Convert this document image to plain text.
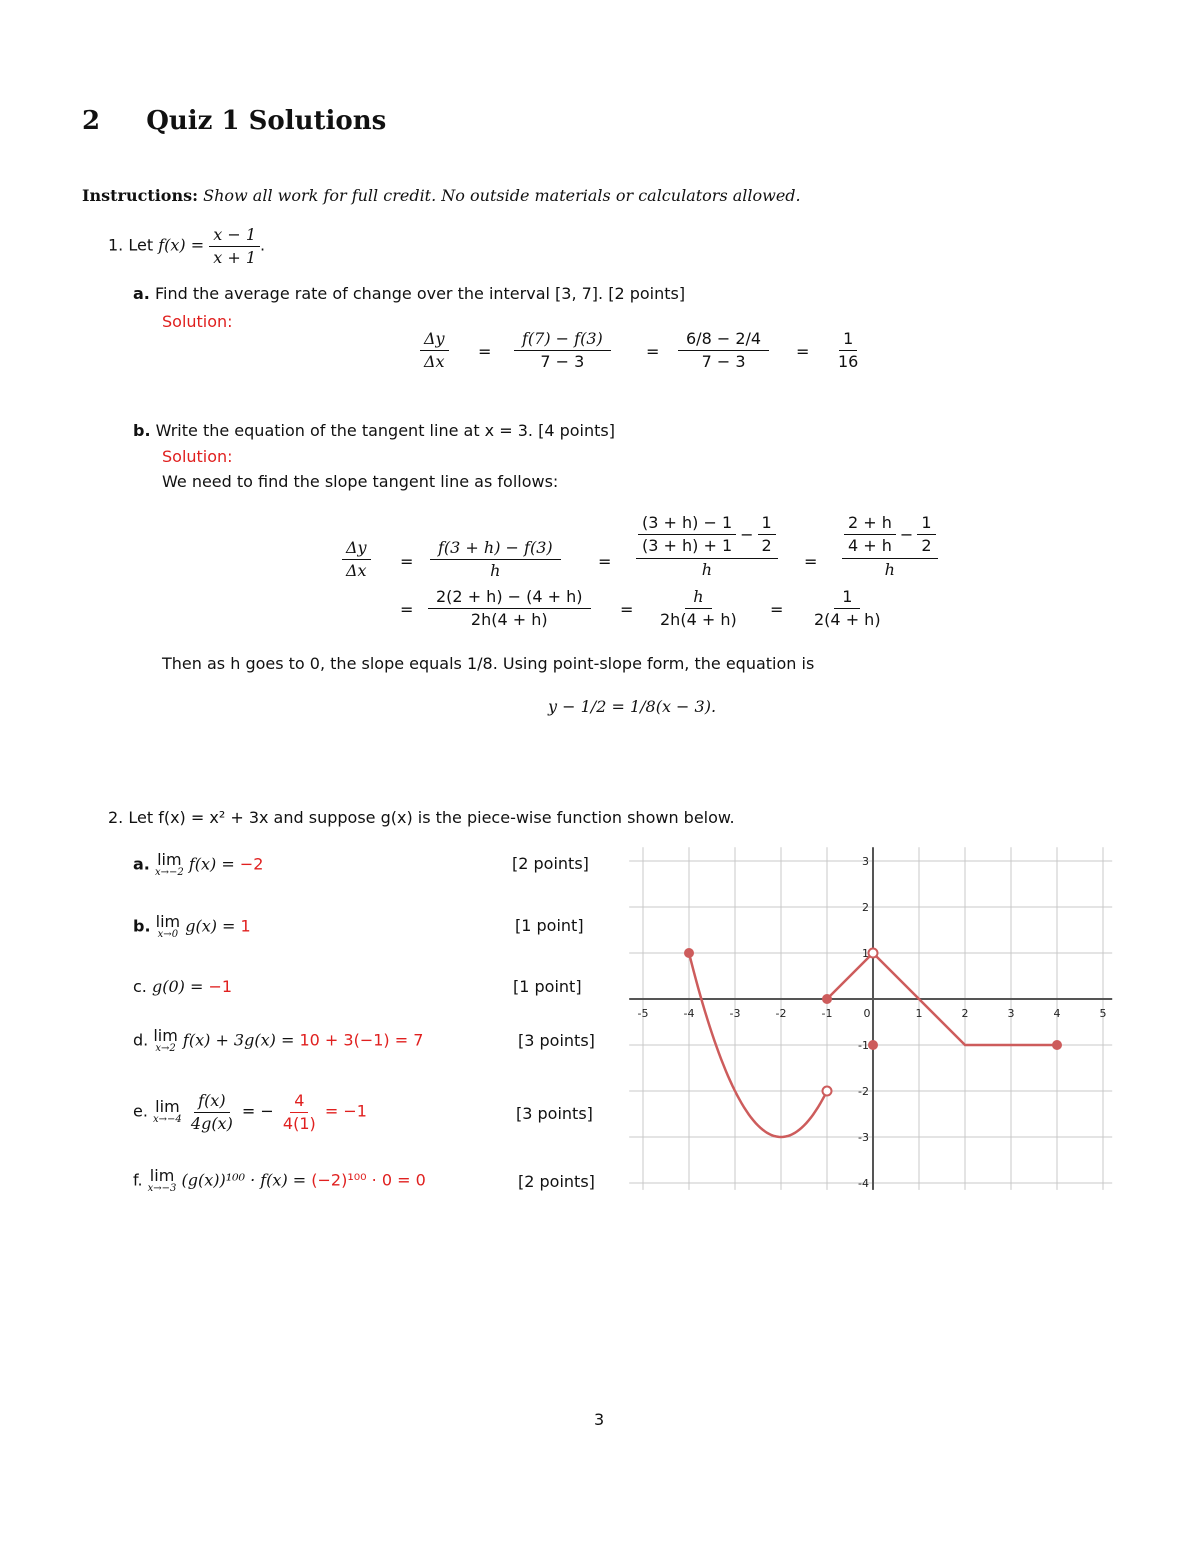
2 Quiz 1 Solutions
Instructions: Show all work for full credit. No outside materials or calculators allowed.
1. Let $f(x) = \frac{x - 1}{x + 1}$ .
a. Find the average rate of change over the interval [3, 7]. [2 points]
Solution:
$\frac{\Delta y}{\Delta x} = \frac{f(7) - f(3)}{7 - 3} = \frac{6/8 - 2/4}{7 - 3} = \frac{1}{16}$
b. Write the equation of the tangent line at x = 3. [4 points]
Solution:
We need to find the slope tangent line as follows:
$\frac{\Delta y}{\Delta x} = \frac{f(3 + h) - f(3)}{h}$ =
$\frac{(3 + h) - 1}{(3 + h) + 1} - \frac{1}{2}$
h	=
$\frac{2 + h}{4 + h} - \frac{1}{2}$
h
= $\frac{2(2 + h) - (4 + h)}{2h(4 + h)} = \frac{h}{2h(4 + h)} = \frac{1}{2(4 + h)}$
Then as h goes to 0, the slope equals 1/8. Using point-slope form, the equation is
y − 1/2 = 1/8(x − 3).
2. Let f(x) = x² + 3x and suppose g(x) is the piece-wise function shown below.
a. lim
x→−2 f(x) = −2	[2 points]
b. lim
x→0 g(x) = 1	[1 point]
c. g(0) = −1	[1 point]
d. lim
x→2 f(x) + 3g(x) = 10 + 3(−1) = 7	[3 points]
e. lim
x→−4
$\frac{f(x)}{4g(x)}$ = − $\frac{4}{4(1)} = -1$	[3 points]
f. lim
x→−3 (g(x))¹⁰⁰ · f(x) = (−2)¹⁰⁰ · 0 = 0	[2 points]
-5	-4	-3	-2	-1	0	1	2	3	4	5
3
2
1
-1
-2
-3
-4
3
